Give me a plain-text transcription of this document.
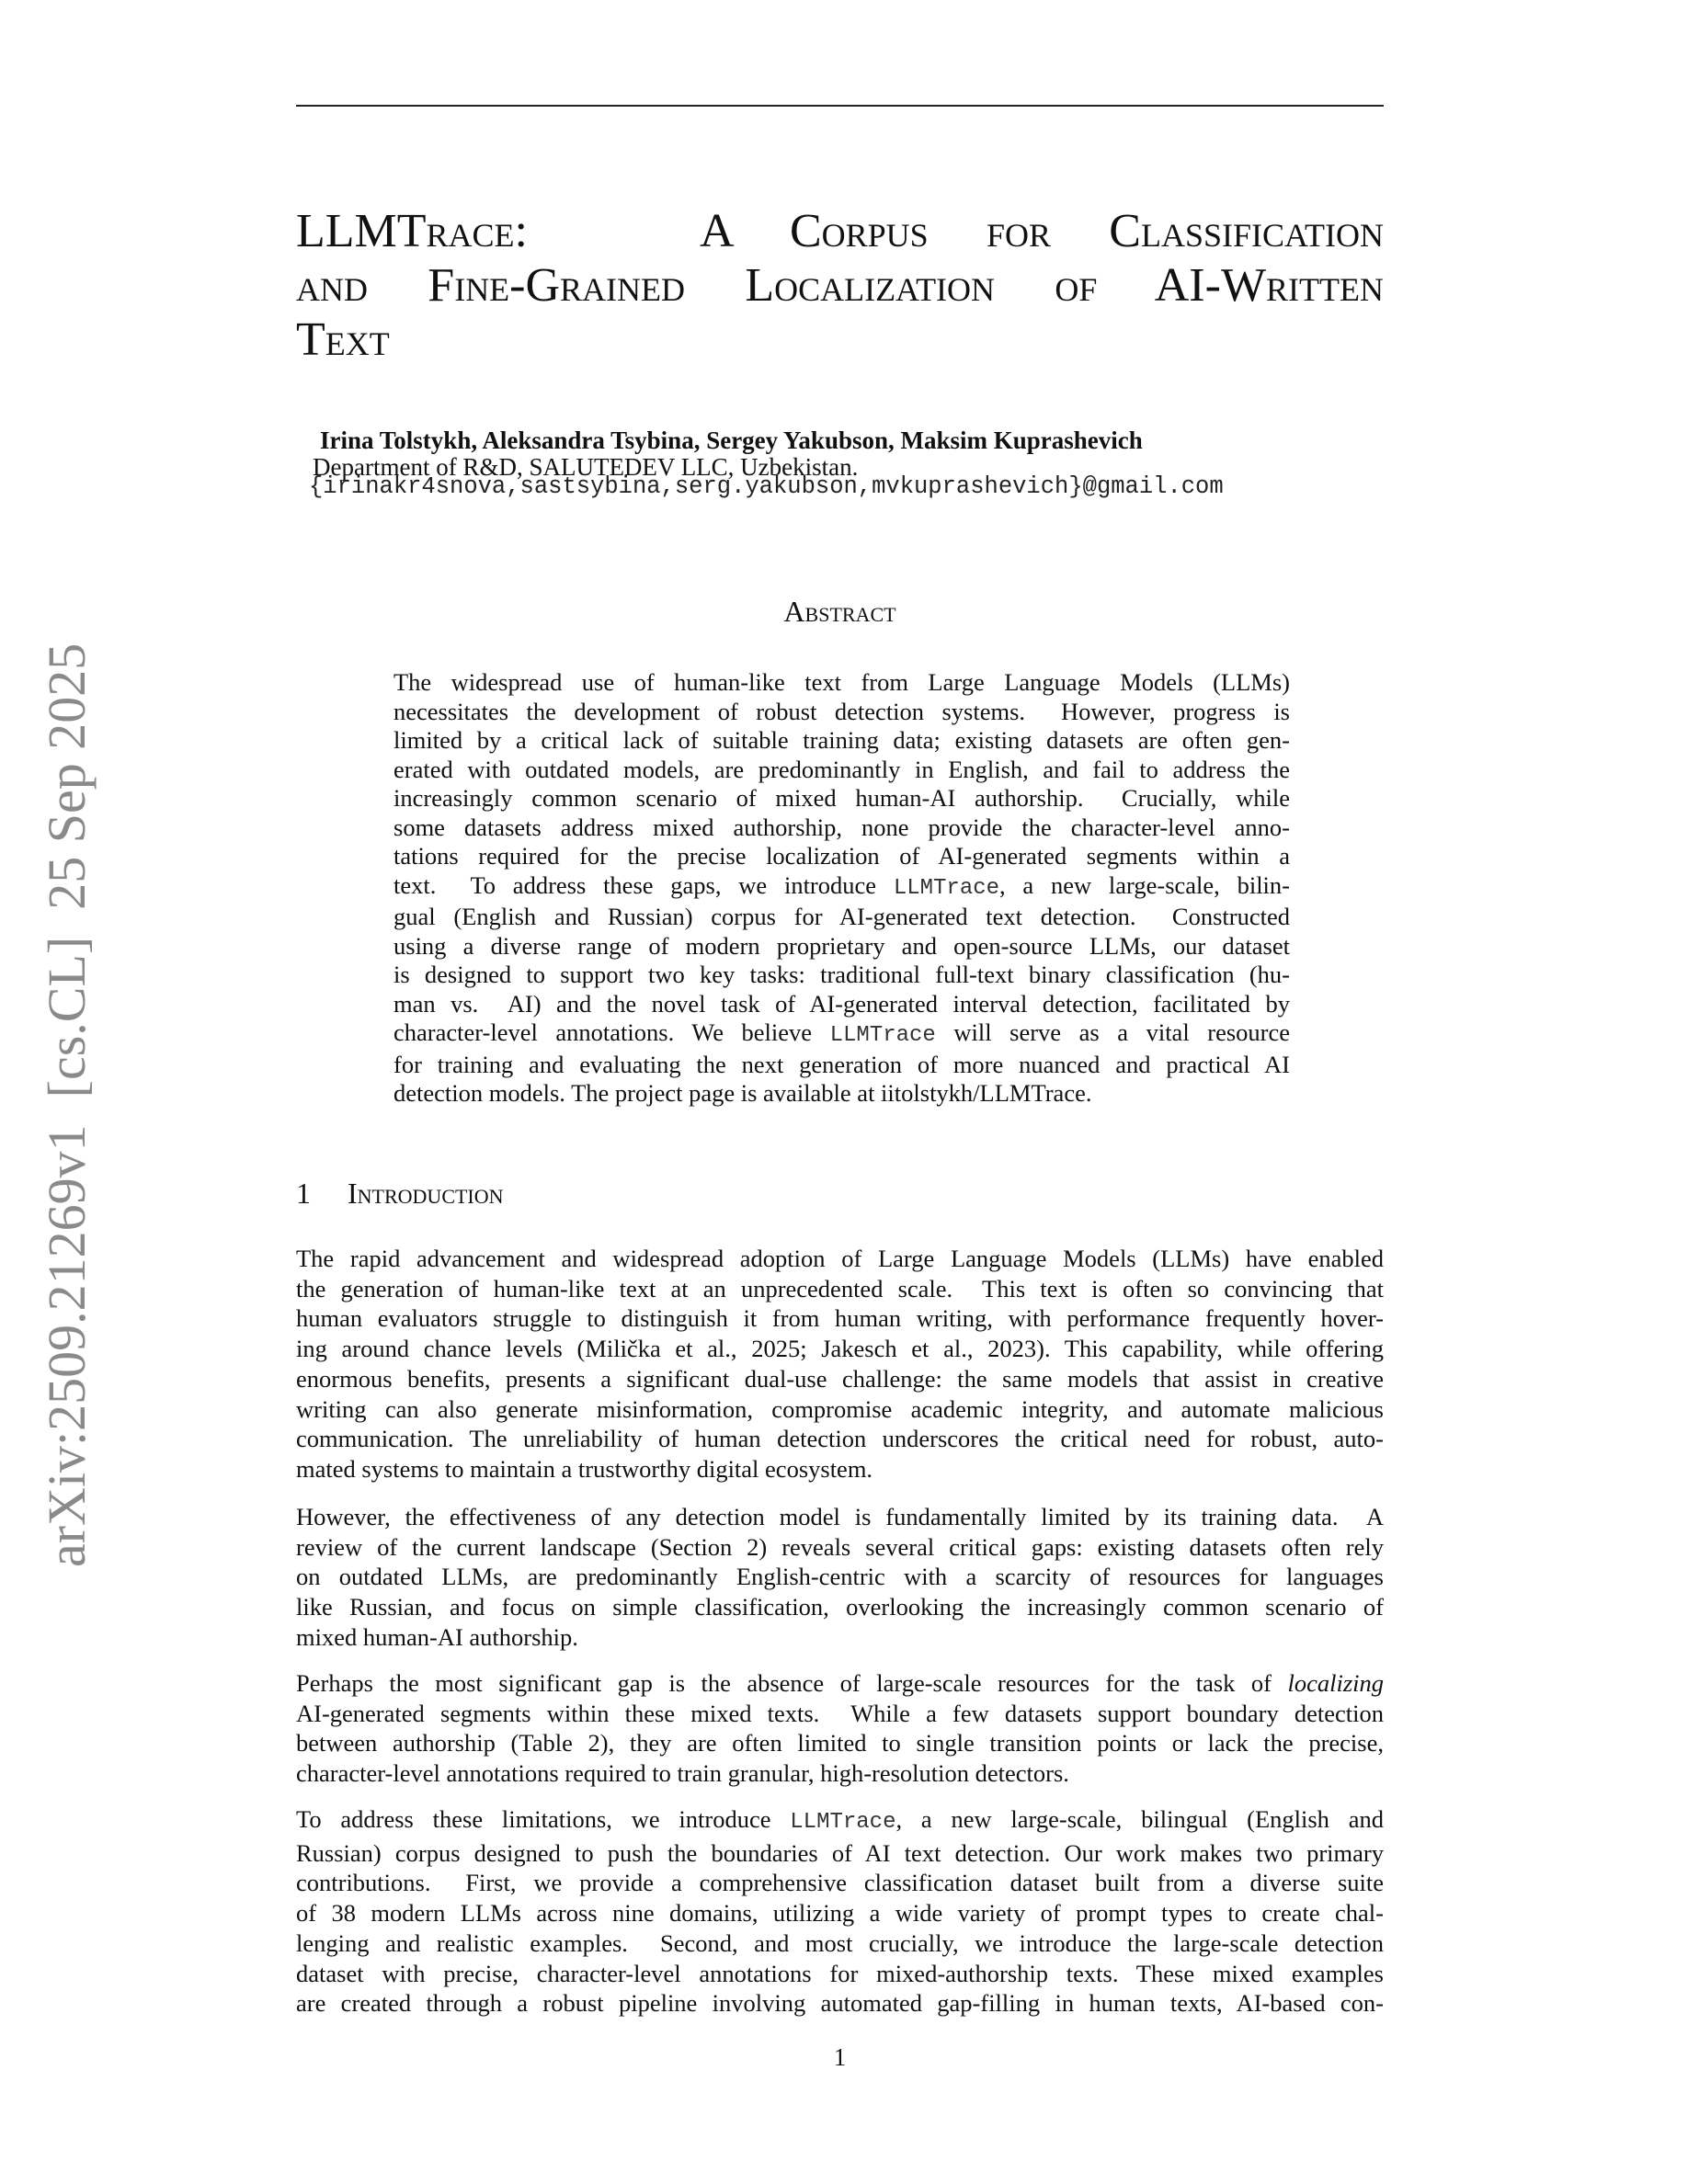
arXiv:2509.21269v1  [cs.CL]  25 Sep 2025
LLMTrace:   A Corpus for Classification
and Fine-Grained Localization of AI-Written
Text
Irina Tolstykh, Aleksandra Tsybina, Sergey Yakubson, Maksim Kuprashevich
Department of R&D, SALUTEDEV LLC, Uzbekistan.
{irinakr4snova,sastsybina,serg.yakubson,mvkuprashevich}@gmail.com
Abstract
The widespread use of human-like text from Large Language Models (LLMs)
necessitates the development of robust detection systems.  However, progress is
limited by a critical lack of suitable training data; existing datasets are often gen-
erated with outdated models, are predominantly in English, and fail to address the
increasingly common scenario of mixed human-AI authorship.  Crucially, while
some datasets address mixed authorship, none provide the character-level anno-
tations required for the precise localization of AI-generated segments within a
text.  To address these gaps, we introduce LLMTrace, a new large-scale, bilin-
gual (English and Russian) corpus for AI-generated text detection.  Constructed
using a diverse range of modern proprietary and open-source LLMs, our dataset
is designed to support two key tasks: traditional full-text binary classification (hu-
man vs.  AI) and the novel task of AI-generated interval detection, facilitated by
character-level annotations. We believe LLMTrace will serve as a vital resource
for training and evaluating the next generation of more nuanced and practical AI
detection models. The project page is available at iitolstykh/LLMTrace.
1 Introduction
The rapid advancement and widespread adoption of Large Language Models (LLMs) have enabled
the generation of human-like text at an unprecedented scale.  This text is often so convincing that
human evaluators struggle to distinguish it from human writing, with performance frequently hover-
ing around chance levels (Milička et al., 2025; Jakesch et al., 2023). This capability, while offering
enormous benefits, presents a significant dual-use challenge: the same models that assist in creative
writing can also generate misinformation, compromise academic integrity, and automate malicious
communication. The unreliability of human detection underscores the critical need for robust, auto-
mated systems to maintain a trustworthy digital ecosystem.
However, the effectiveness of any detection model is fundamentally limited by its training data.  A
review of the current landscape (Section 2) reveals several critical gaps: existing datasets often rely
on outdated LLMs, are predominantly English-centric with a scarcity of resources for languages
like Russian, and focus on simple classification, overlooking the increasingly common scenario of
mixed human-AI authorship.
Perhaps the most significant gap is the absence of large-scale resources for the task of localizing
AI-generated segments within these mixed texts.  While a few datasets support boundary detection
between authorship (Table 2), they are often limited to single transition points or lack the precise,
character-level annotations required to train granular, high-resolution detectors.
To address these limitations, we introduce LLMTrace, a new large-scale, bilingual (English and
Russian) corpus designed to push the boundaries of AI text detection. Our work makes two primary
contributions.  First, we provide a comprehensive classification dataset built from a diverse suite
of 38 modern LLMs across nine domains, utilizing a wide variety of prompt types to create chal-
lenging and realistic examples.  Second, and most crucially, we introduce the large-scale detection
dataset with precise, character-level annotations for mixed-authorship texts. These mixed examples
are created through a robust pipeline involving automated gap-filling in human texts, AI-based con-
1
